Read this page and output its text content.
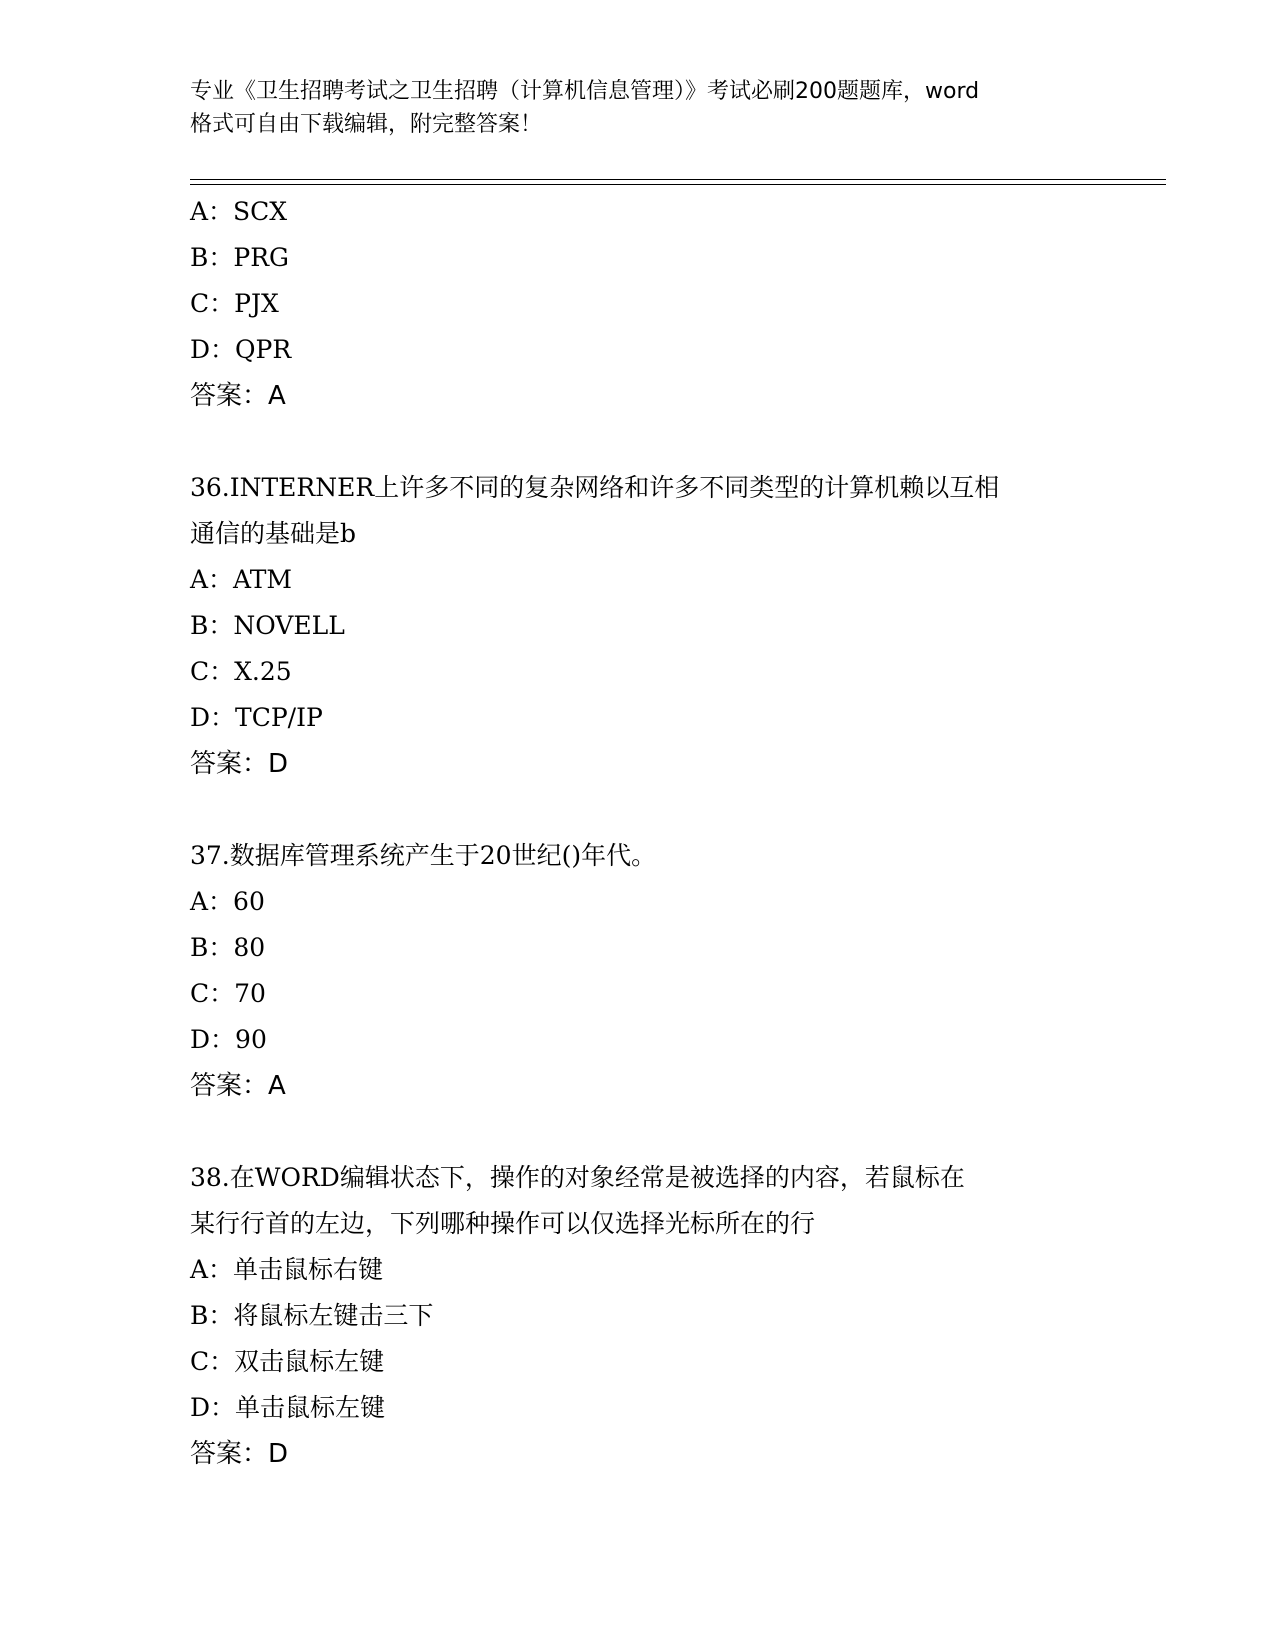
专业《卫生招聘考试之卫生招聘（计算机信息管理）》考试必刷200题题库，word
格式可自由下载编辑，附完整答案！
A：SCX
B：PRG
C：PJX
D：QPR
答案：A
36.INTERNER上许多不同的复杂网络和许多不同类型的计算机赖以互相
通信的基础是b
A：ATM
B：NOVELL
C：X.25
D：TCP/IP
答案：D
37.数据库管理系统产生于20世纪()年代。
A：60
B：80
C：70
D：90
答案：A
38.在WORD编辑状态下，操作的对象经常是被选择的内容，若鼠标在
某行行首的左边，下列哪种操作可以仅选择光标所在的行
A：单击鼠标右键
B：将鼠标左键击三下
C：双击鼠标左键
D：单击鼠标左键
答案：D
